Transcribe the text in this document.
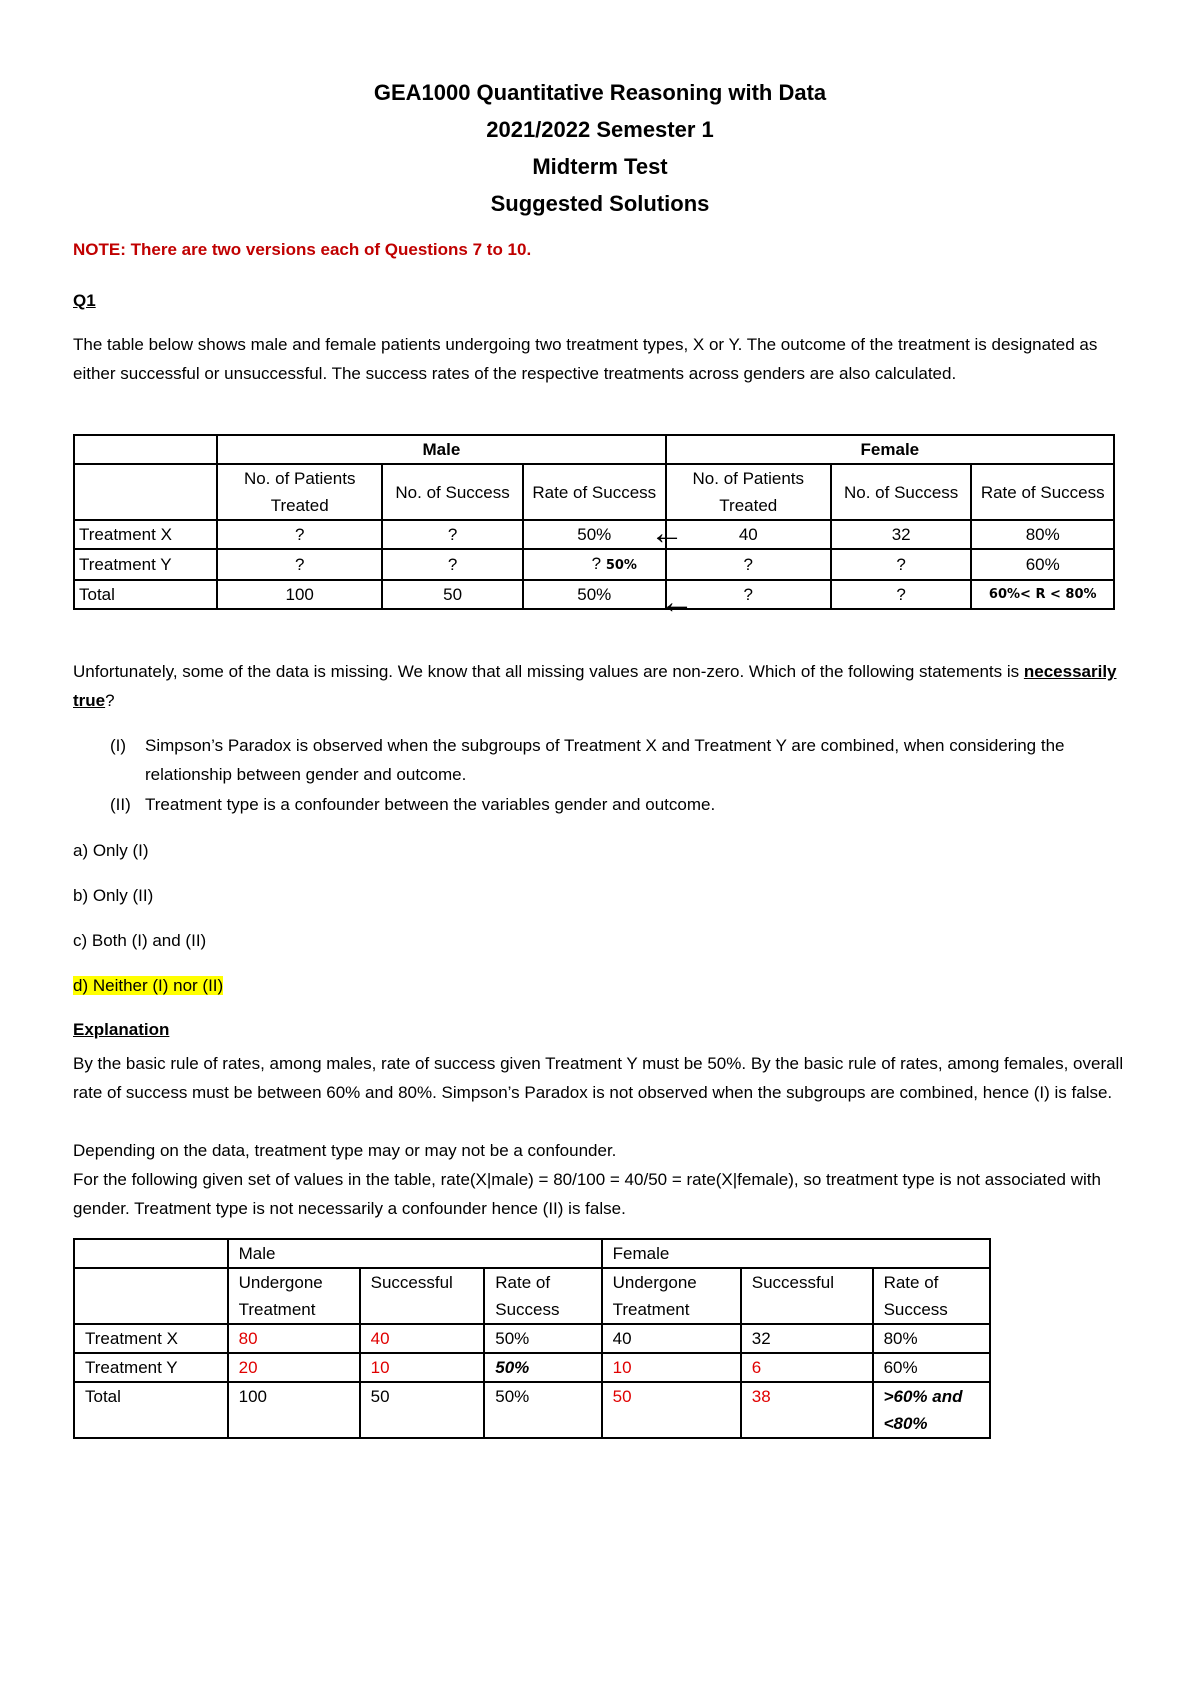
GEA1000 Quantitative Reasoning with Data
2021/2022 Semester 1
Midterm Test
Suggested Solutions
NOTE: There are two versions each of Questions 7 to 10.
Q1
The table below shows male and female patients undergoing two treatment types, X or Y. The outcome of the treatment is designated as either successful or unsuccessful. The success rates of the respective treatments across genders are also calculated.
	Male			Female		
	No. of Patients Treated	No. of Success	Rate of Success	No. of Patients Treated	No. of Success	Rate of Success
Treatment X	?	?	50%	40	32	80%
Treatment Y	?	?	? 50%	?	?	60%
Total	100	50	50%	?	?	60%< R < 80%
←
←
Unfortunately, some of the data is missing. We know that all missing values are non-zero. Which of the following statements is necessarily true?
(I) Simpson’s Paradox is observed when the subgroups of Treatment X and Treatment Y are combined, when considering the relationship between gender and outcome.
(II) Treatment type is a confounder between the variables gender and outcome.
a) Only (I)
b) Only (II)
c) Both (I) and (II)
d) Neither (I) nor (II)
Explanation
By the basic rule of rates, among males, rate of success given Treatment Y must be 50%. By the basic rule of rates, among females, overall rate of success must be between 60% and 80%. Simpson’s Paradox is not observed when the subgroups are combined, hence (I) is false.
Depending on the data, treatment type may or may not be a confounder.
For the following given set of values in the table, rate(X|male) = 80/100 = 40/50 = rate(X|female), so treatment type is not associated with gender. Treatment type is not necessarily a confounder hence (II) is false.
	Male			Female		
	Undergone Treatment	Successful	Rate of Success	Undergone Treatment	Successful	Rate of Success
Treatment X	80	40	50%	40	32	80%
Treatment Y	20	10	50%	10	6	60%
Total	100	50	50%	50	38	>60% and <80%
